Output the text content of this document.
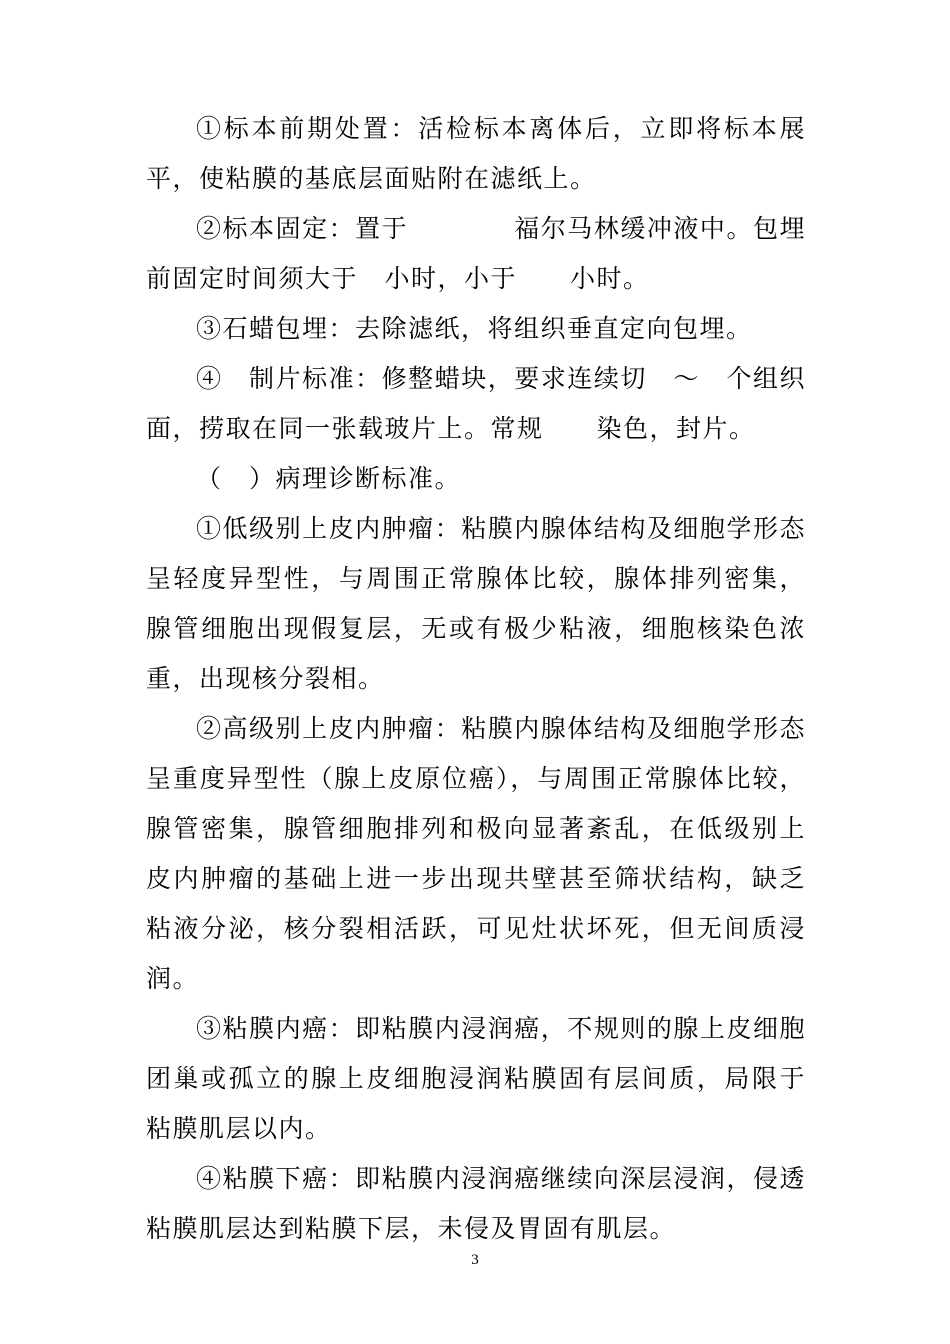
①标本前期处置：活检标本离体后，立即将标本展平，使粘膜的基底层面贴附在滤纸上。

②标本固定：置于　　　　福尔马林缓冲液中。包埋前固定时间须大于　小时，小于　　小时。

③石蜡包埋：去除滤纸，将组织垂直定向包埋。

④　制片标准：修整蜡块，要求连续切　～　个组织面，捞取在同一张载玻片上。常规　　染色，封片。

（　）病理诊断标准。

①低级别上皮内肿瘤：粘膜内腺体结构及细胞学形态呈轻度异型性，与周围正常腺体比较，腺体排列密集，腺管细胞出现假复层，无或有极少粘液，细胞核染色浓重，出现核分裂相。

②高级别上皮内肿瘤：粘膜内腺体结构及细胞学形态呈重度异型性（腺上皮原位癌），与周围正常腺体比较，腺管密集，腺管细胞排列和极向显著紊乱，在低级别上皮内肿瘤的基础上进一步出现共壁甚至筛状结构，缺乏粘液分泌，核分裂相活跃，可见灶状坏死，但无间质浸润。

③粘膜内癌：即粘膜内浸润癌，不规则的腺上皮细胞团巢或孤立的腺上皮细胞浸润粘膜固有层间质，局限于粘膜肌层以内。

④粘膜下癌：即粘膜内浸润癌继续向深层浸润，侵透粘膜肌层达到粘膜下层，未侵及胃固有肌层。

3
